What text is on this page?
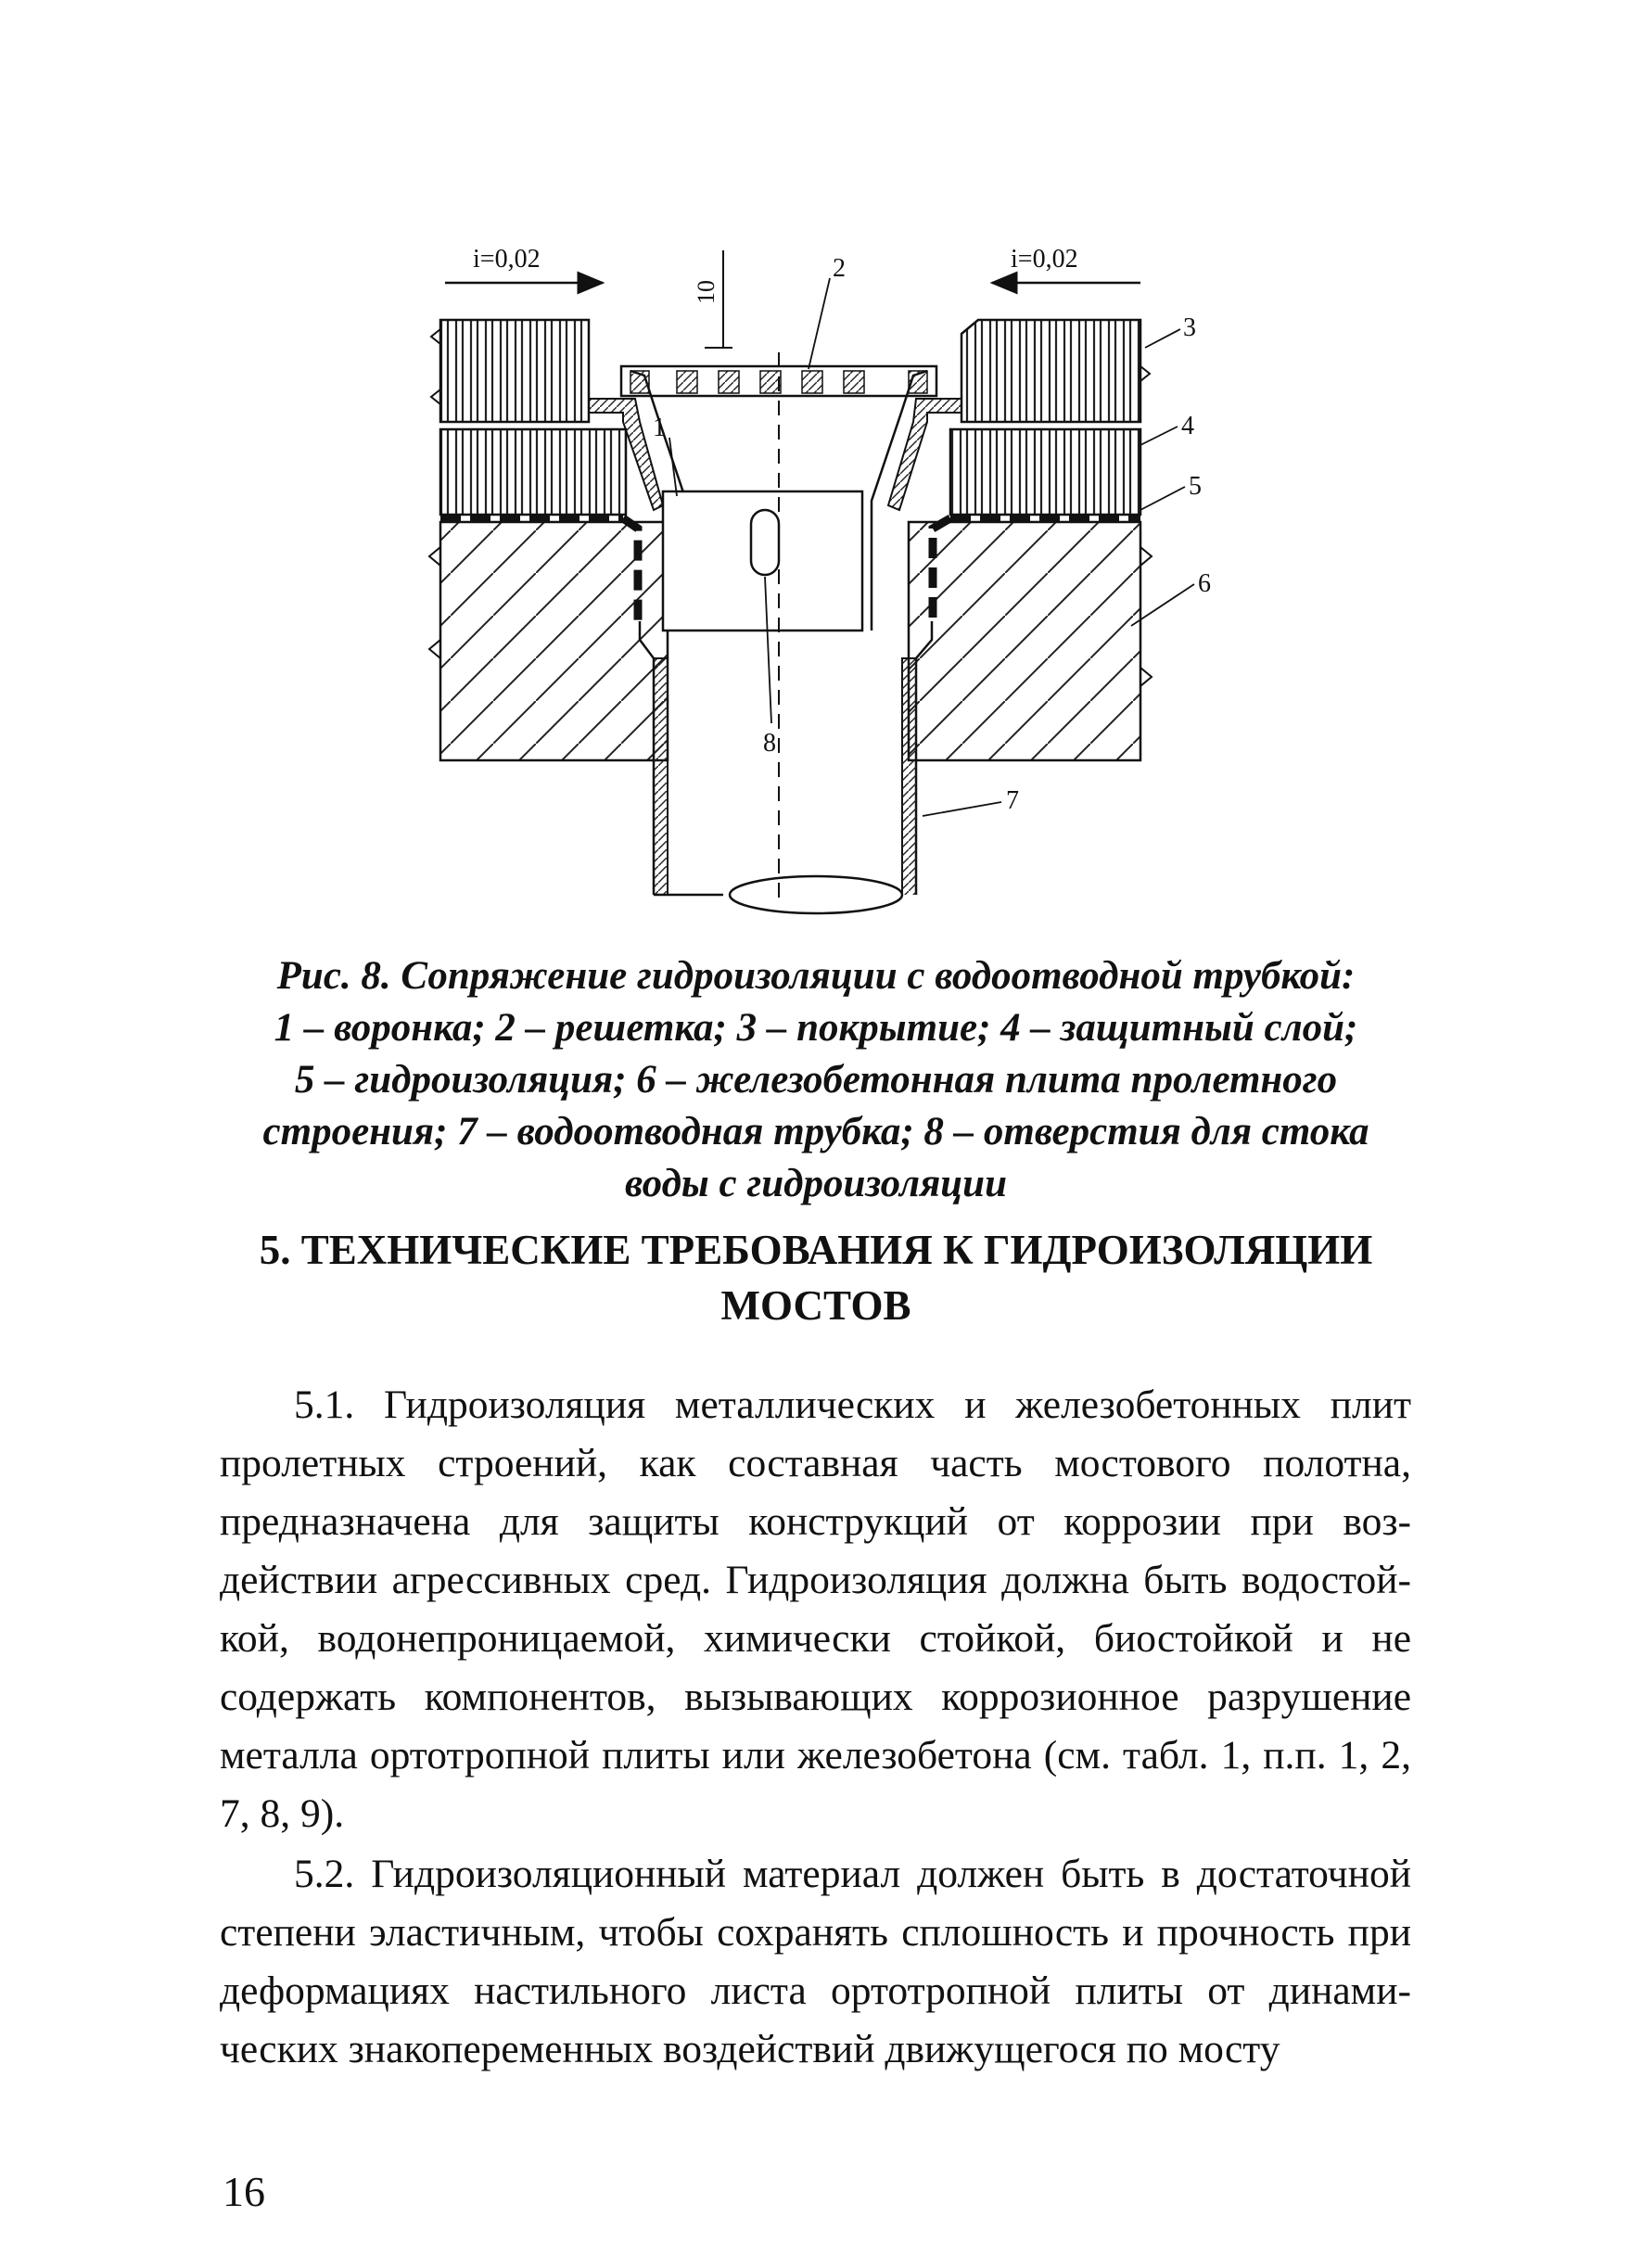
i=0,02	i=0,02
10
2
3
4
5
6
1
7
8
Рис. 8. Сопряжение гидроизоляции с водоотводной трубкой:
1 – воронка; 2 – решетка; 3 – покрытие; 4 – защитный слой;
5 – гидроизоляция; 6 – железобетонная плита пролетного
строения; 7 – водоотводная трубка; 8 – отверстия для стока
воды с гидроизоляции
5. ТЕХНИЧЕСКИЕ ТРЕБОВАНИЯ К ГИДРОИЗОЛЯЦИИ
МОСТОВ

5.1. Гидроизоляция металлических и железобетонных плит пролетных строений, как составная часть мостового полотна, предназначена для защиты конструкций от коррозии при воздействии агрессивных сред. Гидроизоляция должна быть водостойкой, водонепроницаемой, химически стойкой, биостойкой и не содержать компонентов, вызывающих коррозионное разрушение металла ортотропной плиты или железобетона (см. табл. 1, п.п. 1, 2, 7, 8, 9).

5.2. Гидроизоляционный материал должен быть в достаточной степени эластичным, чтобы сохранять сплошность и прочность при деформациях настильного листа ортотропной плиты от динамических знакопеременных воздействий движущегося по мосту

16
